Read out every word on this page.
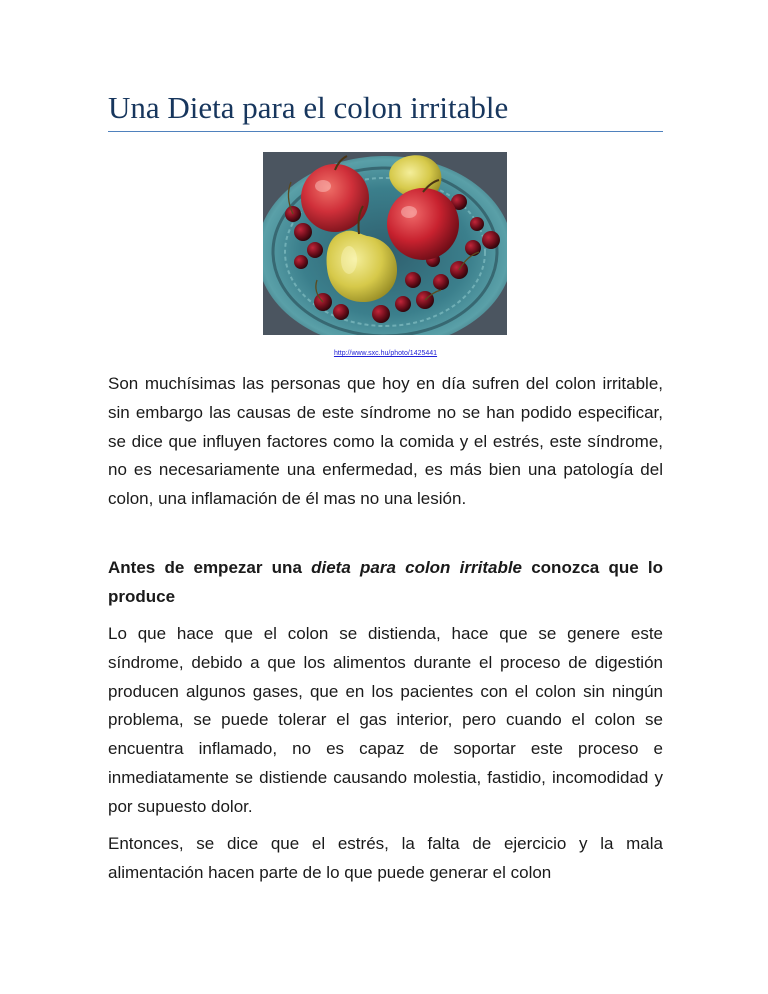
Una Dieta para el colon irritable
http://www.sxc.hu/photo/1425441

Son muchísimas las personas que hoy en día sufren del colon irritable, sin embargo las causas de este síndrome no se han podido especificar, se dice que influyen factores como la comida y el estrés, este síndrome, no es necesariamente una enfermedad, es más bien una patología del colon, una inflamación de él mas no una lesión.

Antes de empezar una dieta para colon irritable conozca que lo produce

Lo que hace que el colon se distienda, hace que se genere este síndrome, debido a que los alimentos durante el proceso de digestión producen algunos gases, que en los pacientes con el colon sin ningún problema, se puede tolerar el gas interior, pero cuando el colon se encuentra inflamado, no es capaz de soportar este proceso e inmediatamente se distiende causando molestia, fastidio, incomodidad y por supuesto dolor.

Entonces, se dice que el estrés, la falta de ejercicio y la mala alimentación hacen parte de lo que puede generar el colon
